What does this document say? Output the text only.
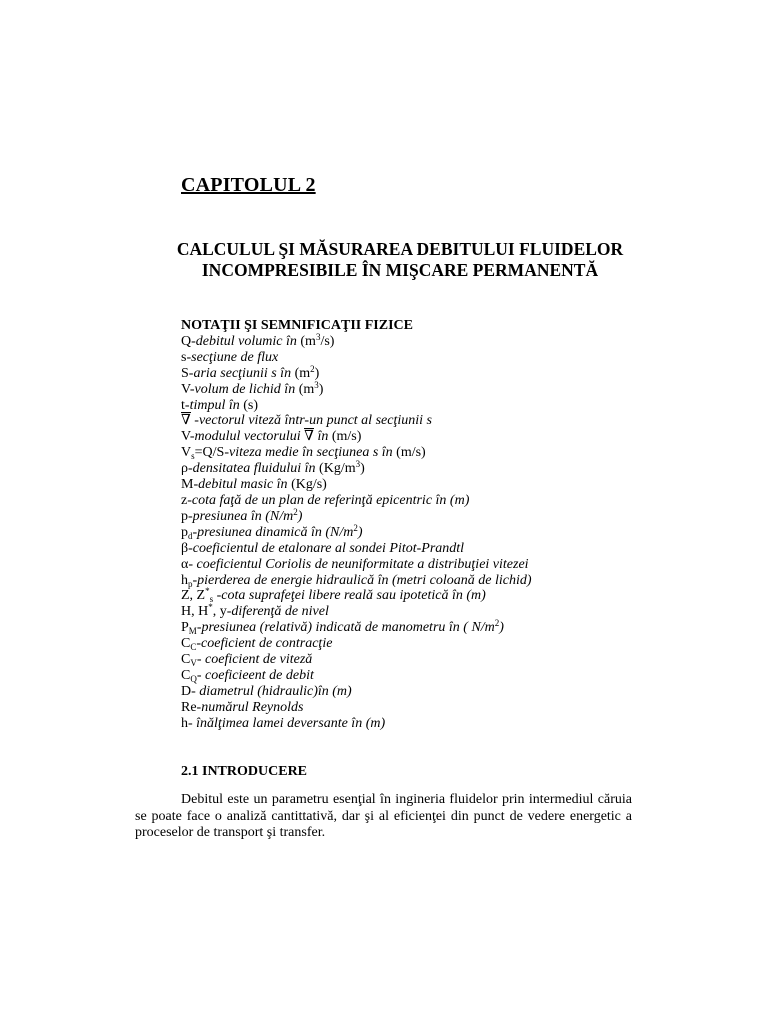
CAPITOLUL 2
CALCULUL ŞI MĂSURAREA DEBITULUI FLUIDELOR
INCOMPRESIBILE ÎN MIŞCARE PERMANENTĂ
NOTAŢII ŞI SEMNIFICAŢII FIZICE
Q-debitul volumic în $(m^3/s)$
s-secţiune de flux
S-aria secţiunii s în $(m^2)$
V-volum de lichid în $(m^3)$
t-timpul în (s)
∇ -vectorul viteză într-un punct al secţiunii s
V-modulul vectorului ∇ în (m/s)
$V_s=Q/S$-viteza medie în secţiunea s în (m/s)
ρ-densitatea fluidului în $(Kg/m^3)$
M-debitul masic în (Kg/s)
z-cota faţă de un plan de referinţă epicentric în (m)
p-presiunea în $(N/m^2)$
$p_d$-presiunea dinamică în $(N/m^2)$
β-coeficientul de etalonare al sondei Pitot-Prandtl
α- coeficientul Coriolis de neuniformitate a distribuţiei vitezei
$h_p$-pierderea de energie hidraulică în (metri coloană de lichid)
Z, $Z^*_s$ -cota suprafeţei libere reală sau ipotetică în (m)
H, H*, y-diferenţă de nivel
$P_M$-presiunea (relativă) indicată de manometru în ( $N/m^2$)
$C_C$-coeficient de contracţie
$C_V-$ coeficient de viteză
$C_Q-$ coeficieent de debit
D- diametrul (hidraulic)în (m)
Re-numărul Reynolds
h- înălţimea lamei deversante în (m)
2.1 INTRODUCERE
Debitul este un parametru esenţial în ingineria fluidelor prin intermediul căruia se poate face o analiză cantittativă, dar şi al eficienţei din punct de vedere energetic a proceselor de transport şi transfer.
